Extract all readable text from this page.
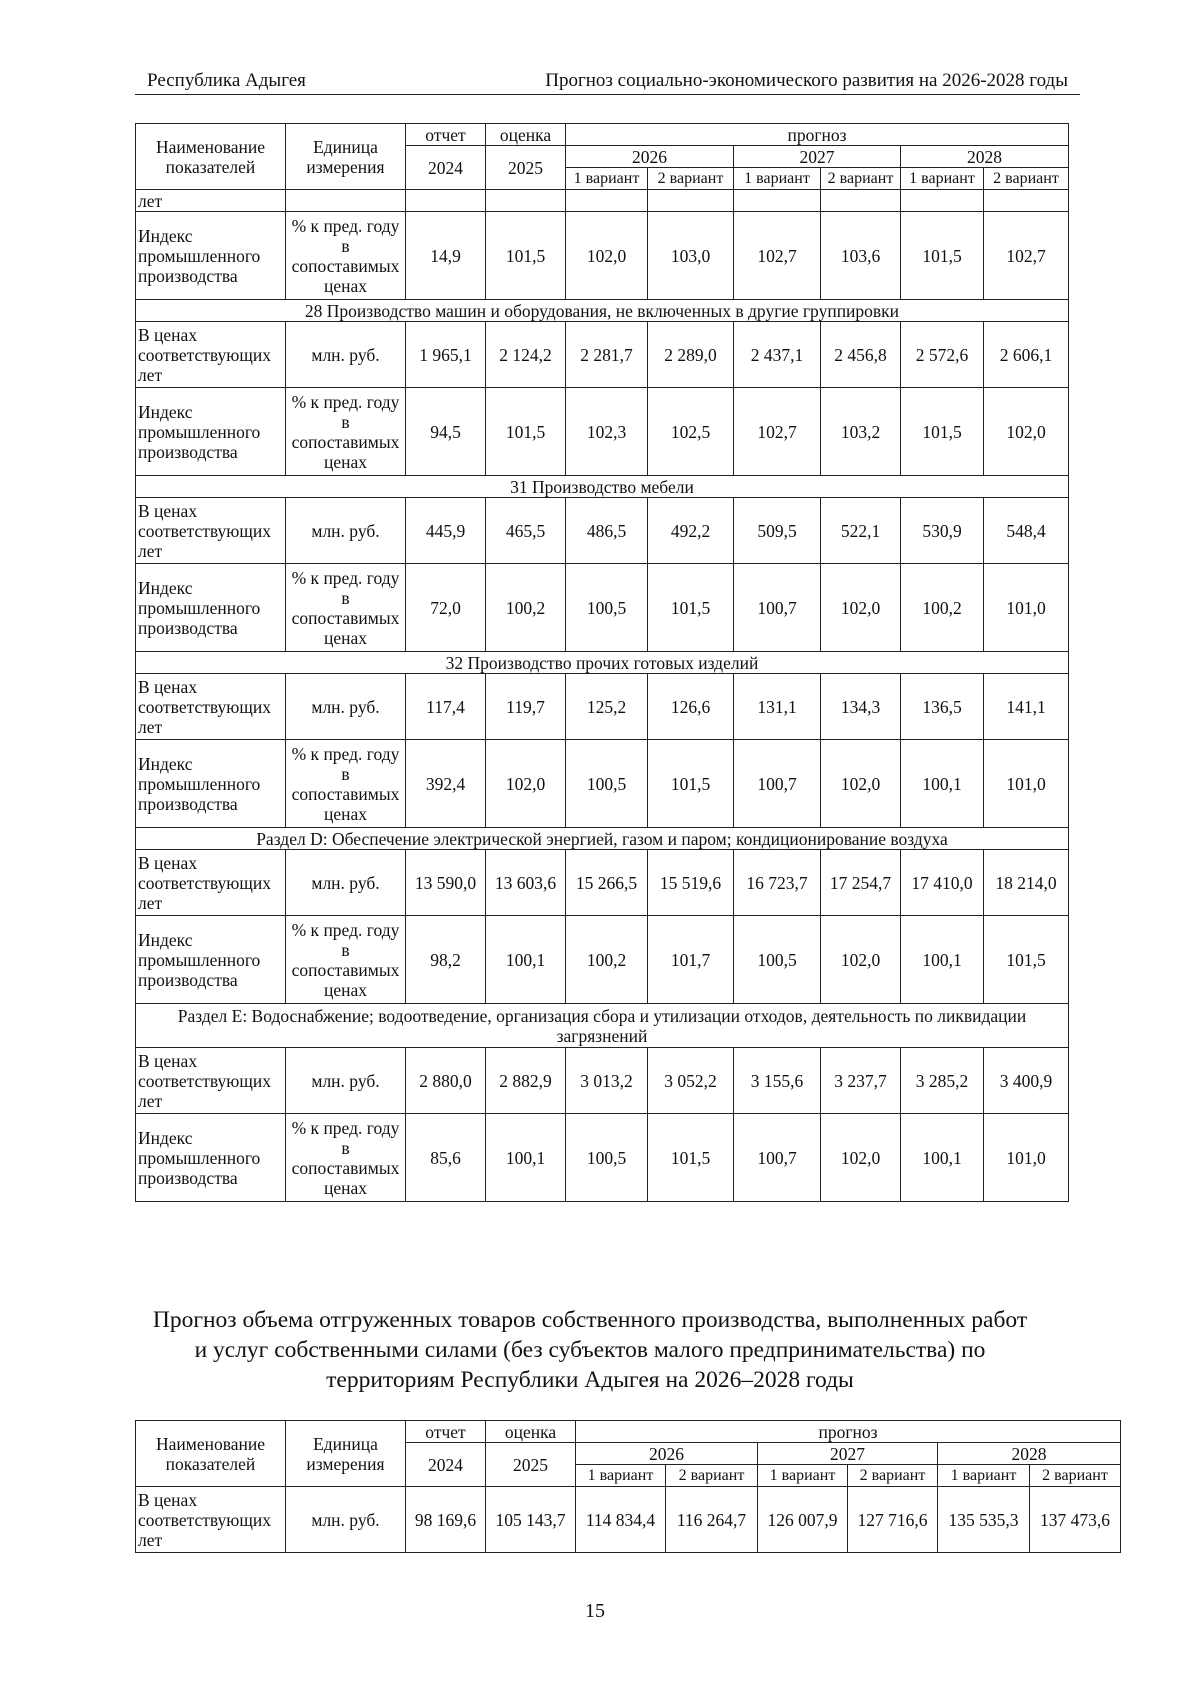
Республика Адыгея	Прогноз социально-экономического развития на 2026-2028 годы
Наименование показателей	Единица измерения	отчет	оценка	прогноз					
		2024	2025	2026		2027		2028	
				1 вариант	2 вариант	1 вариант	2 вариант	1 вариант	2 вариант
лет									
Индекс промышленного производства	% к пред. году в сопоставимых ценах	14,9	101,5	102,0	103,0	102,7	103,6	101,5	102,7
28 Производство машин и оборудования, не включенных в другие группировки									
В ценах соответствующих лет	млн. руб.	1 965,1	2 124,2	2 281,7	2 289,0	2 437,1	2 456,8	2 572,6	2 606,1
Индекс промышленного производства	% к пред. году в сопоставимых ценах	94,5	101,5	102,3	102,5	102,7	103,2	101,5	102,0
31 Производство мебели									
В ценах соответствующих лет	млн. руб.	445,9	465,5	486,5	492,2	509,5	522,1	530,9	548,4
Индекс промышленного производства	% к пред. году в сопоставимых ценах	72,0	100,2	100,5	101,5	100,7	102,0	100,2	101,0
32 Производство прочих готовых изделий									
В ценах соответствующих лет	млн. руб.	117,4	119,7	125,2	126,6	131,1	134,3	136,5	141,1
Индекс промышленного производства	% к пред. году в сопоставимых ценах	392,4	102,0	100,5	101,5	100,7	102,0	100,1	101,0
Раздел D: Обеспечение электрической энергией, газом и паром; кондиционирование воздуха									
В ценах соответствующих лет	млн. руб.	13 590,0	13 603,6	15 266,5	15 519,6	16 723,7	17 254,7	17 410,0	18 214,0
Индекс промышленного производства	% к пред. году в сопоставимых ценах	98,2	100,1	100,2	101,7	100,5	102,0	100,1	101,5
Раздел E: Водоснабжение; водоотведение, организация сбора и утилизации отходов, деятельность по ликвидации загрязнений									
В ценах соответствующих лет	млн. руб.	2 880,0	2 882,9	3 013,2	3 052,2	3 155,6	3 237,7	3 285,2	3 400,9
Индекс промышленного производства	% к пред. году в сопоставимых ценах	85,6	100,1	100,5	101,5	100,7	102,0	100,1	101,0
Прогноз объема отгруженных товаров собственного производства, выполненных работ и услуг собственными силами (без субъектов малого предпринимательства) по территориям Республики Адыгея на 2026–2028 годы
Наименование показателей	Единица измерения	отчет	оценка	прогноз					
		2024	2025	2026		2027		2028	
				1 вариант	2 вариант	1 вариант	2 вариант	1 вариант	2 вариант
В ценах соответствующих лет	млн. руб.	98 169,6	105 143,7	114 834,4	116 264,7	126 007,9	127 716,6	135 535,3	137 473,6
15
